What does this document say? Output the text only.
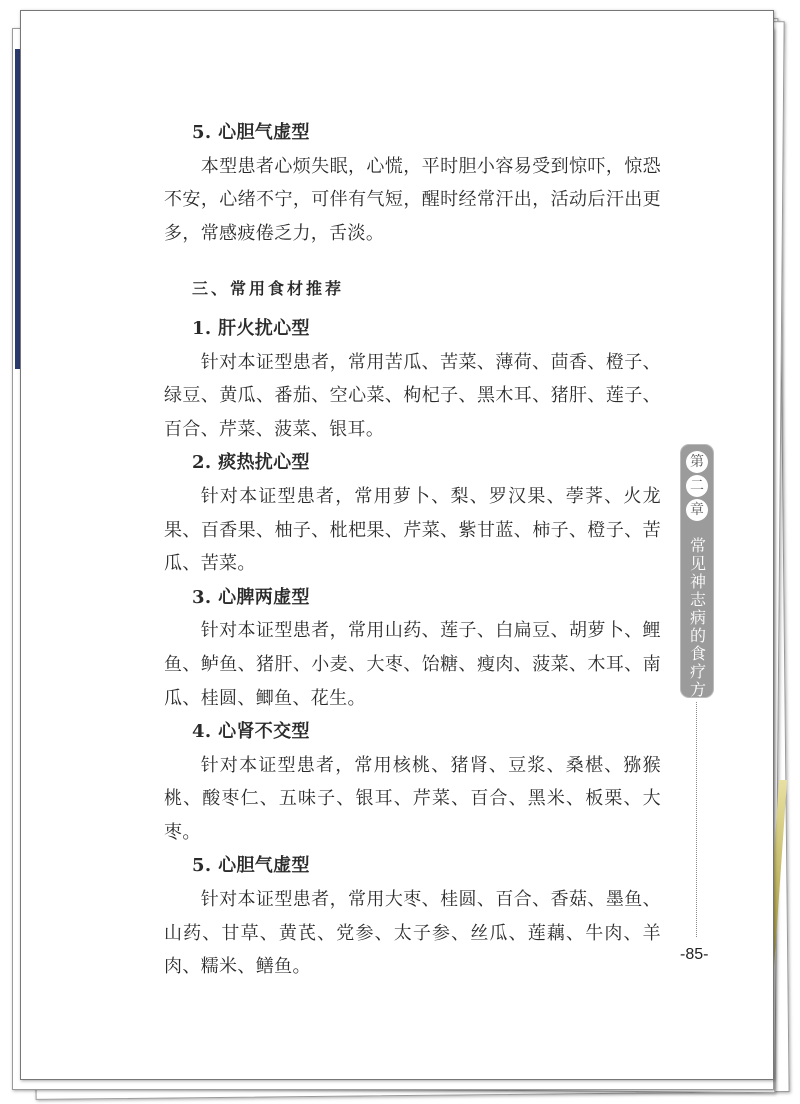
5. 心胆气虚型

本型患者心烦失眠，心慌，平时胆小容易受到惊吓，惊恐不安，心绪不宁，可伴有气短，醒时经常汗出，活动后汗出更多，常感疲倦乏力，舌淡。

三、常用食材推荐

1. 肝火扰心型

针对本证型患者，常用苦瓜、苦菜、薄荷、茴香、橙子、绿豆、黄瓜、番茄、空心菜、枸杞子、黑木耳、猪肝、莲子、百合、芹菜、菠菜、银耳。

2. 痰热扰心型

针对本证型患者，常用萝卜、梨、罗汉果、荸荠、火龙果、百香果、柚子、枇杷果、芹菜、紫甘蓝、柿子、橙子、苦瓜、苦菜。

3. 心脾两虚型

针对本证型患者，常用山药、莲子、白扁豆、胡萝卜、鲤鱼、鲈鱼、猪肝、小麦、大枣、饴糖、瘦肉、菠菜、木耳、南瓜、桂圆、鲫鱼、花生。

4. 心肾不交型

针对本证型患者，常用核桃、猪肾、豆浆、桑椹、猕猴桃、酸枣仁、五味子、银耳、芹菜、百合、黑米、板栗、大枣。

5. 心胆气虚型

针对本证型患者，常用大枣、桂圆、百合、香菇、墨鱼、山药、甘草、黄芪、党参、太子参、丝瓜、莲藕、牛肉、羊肉、糯米、鳝鱼。

第
二
章
常见神志病的食疗方
-85-
